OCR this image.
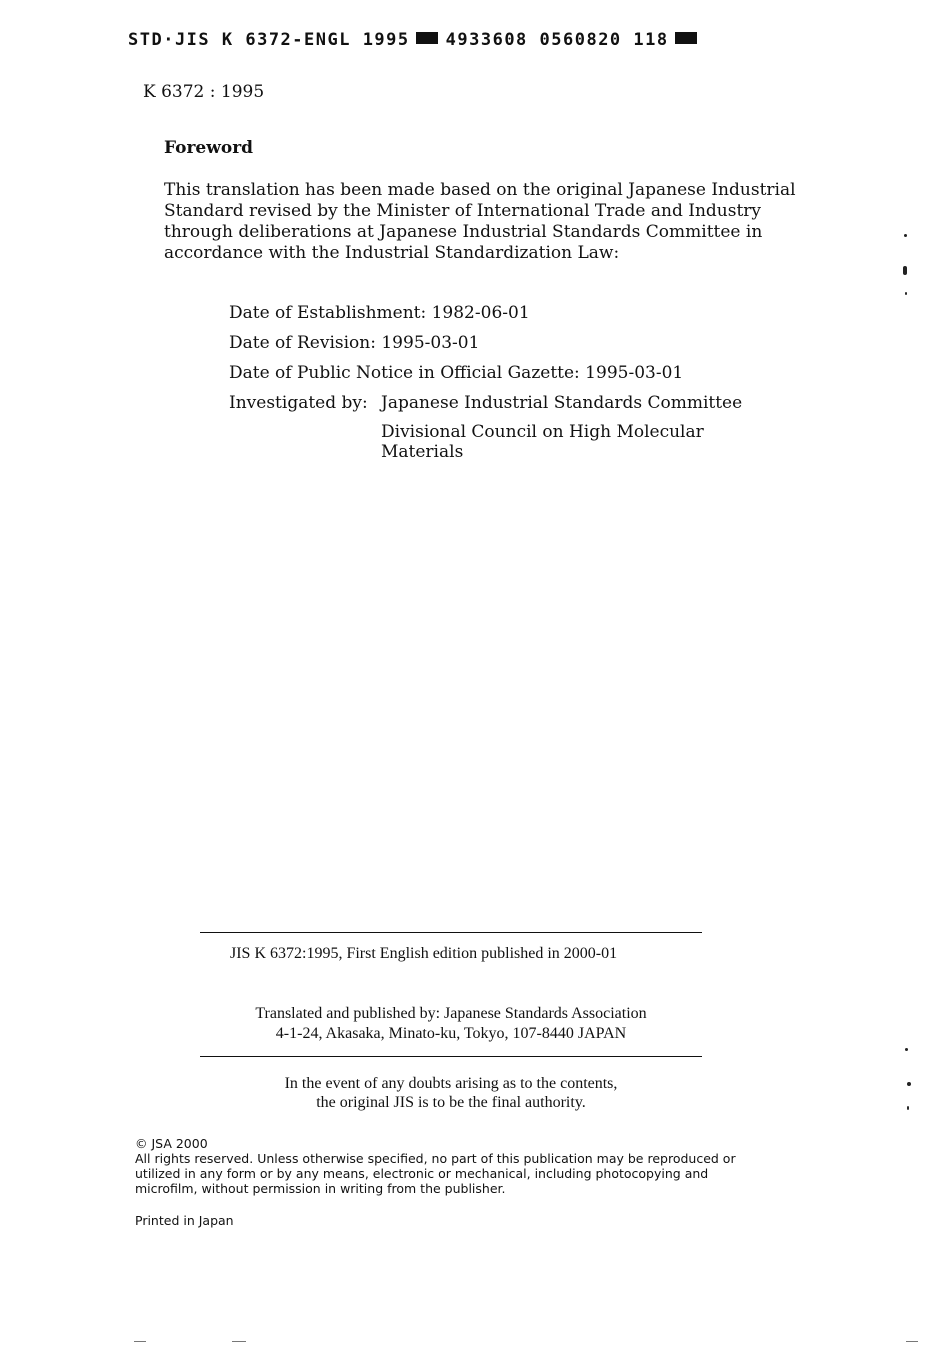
STD·JIS K 6372-ENGL 1995 4933608 0560820 118
K 6372 : 1995
Foreword
This translation has been made based on the original Japanese Industrial
Standard revised by the Minister of International Trade and Industry
through deliberations at Japanese Industrial Standards Committee in
accordance with the Industrial Standardization Law:
Date of Establishment: 1982-06-01
Date of Revision: 1995-03-01
Date of Public Notice in Official Gazette: 1995-03-01
Investigated by: Japanese Industrial Standards Committee
Divisional Council on High Molecular
Materials
JIS K 6372:1995, First English edition published in 2000-01
Translated and published by: Japanese Standards Association
4-1-24, Akasaka, Minato-ku, Tokyo, 107-8440 JAPAN
In the event of any doubts arising as to the contents,
the original JIS is to be the final authority.
© JSA 2000
All rights reserved. Unless otherwise specified, no part of this publication may be reproduced or
utilized in any form or by any means, electronic or mechanical, including photocopying and
microfilm, without permission in writing from the publisher.
Printed in Japan
